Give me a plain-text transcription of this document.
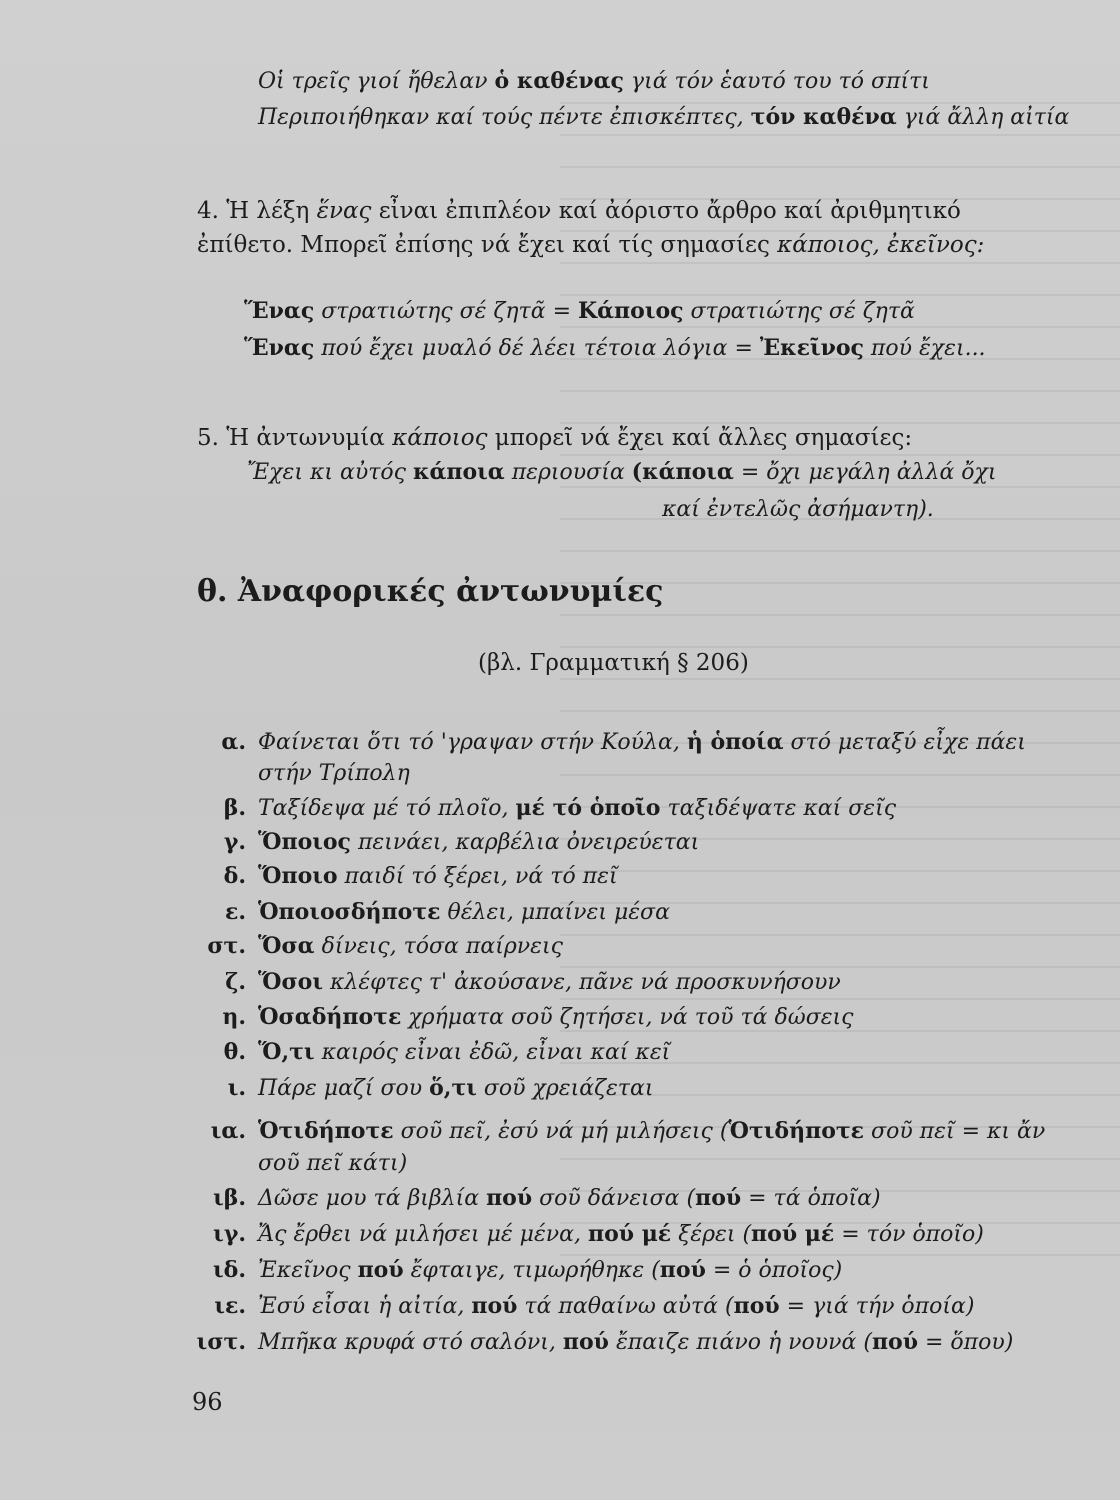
Οἱ τρεῖς γιοί ἤθελαν ὁ καθένας γιά τόν ἑαυτό του τό σπίτι
Περιποιήθηκαν καί τούς πέντε ἐπισκέπτες, τόν καθένα γιά ἄλλη αἰτία
4. Ἡ λέξη ἕνας εἶναι ἐπιπλέον καί ἀόριστο ἄρθρο καί ἀριθμητικό
ἐπίθετο. Μπορεῖ ἐπίσης νά ἔχει καί τίς σημασίες κάποιος, ἐκεῖνος:
Ἕνας στρατιώτης σέ ζητᾶ = Κάποιος στρατιώτης σέ ζητᾶ
Ἕνας πού ἔχει μυαλό δέ λέει τέτοια λόγια = Ἐκεῖνος πού ἔχει...
5. Ἡ ἀντωνυμία κάποιος μπορεῖ νά ἔχει καί ἄλλες σημασίες:
Ἔχει κι αὐτός κάποια περιουσία (κάποια = ὄχι μεγάλη ἀλλά ὄχι
καί ἐντελῶς ἀσήμαντη).
θ. Ἀναφορικές ἀντωνυμίες
(βλ. Γραμματική § 206)
α. Φαίνεται ὅτι τό 'γραψαν στήν Κούλα, ἡ ὁποία στό μεταξύ εἶχε πάει
στήν Τρίπολη
β. Ταξίδεψα μέ τό πλοῖο, μέ τό ὁποῖο ταξιδέψατε καί σεῖς
γ. Ὅποιος πεινάει, καρβέλια ὀνειρεύεται
δ. Ὅποιο παιδί τό ξέρει, νά τό πεῖ
ε. Ὁποιοσδήποτε θέλει, μπαίνει μέσα
στ. Ὅσα δίνεις, τόσα παίρνεις
ζ. Ὅσοι κλέφτες τ' ἀκούσανε, πᾶνε νά προσκυνήσουν
η. Ὁσαδήποτε χρήματα σοῦ ζητήσει, νά τοῦ τά δώσεις
θ. Ὅ,τι καιρός εἶναι ἐδῶ, εἶναι καί κεῖ
ι. Πάρε μαζί σου ὅ,τι σοῦ χρειάζεται
ια. Ὁτιδήποτε σοῦ πεῖ, ἐσύ νά μή μιλήσεις (Ὁτιδήποτε σοῦ πεῖ = κι ἄν
σοῦ πεῖ κάτι)
ιβ. Δῶσε μου τά βιβλία πού σοῦ δάνεισα (πού = τά ὁποῖα)
ιγ. Ἄς ἔρθει νά μιλήσει μέ μένα, πού μέ ξέρει (πού μέ = τόν ὁποῖο)
ιδ. Ἐκεῖνος πού ἔφταιγε, τιμωρήθηκε (πού = ὁ ὁποῖος)
ιε. Ἐσύ εἶσαι ἡ αἰτία, πού τά παθαίνω αὐτά (πού = γιά τήν ὁποία)
ιστ. Μπῆκα κρυφά στό σαλόνι, πού ἔπαιζε πιάνο ἡ νουνά (πού = ὅπου)
96
